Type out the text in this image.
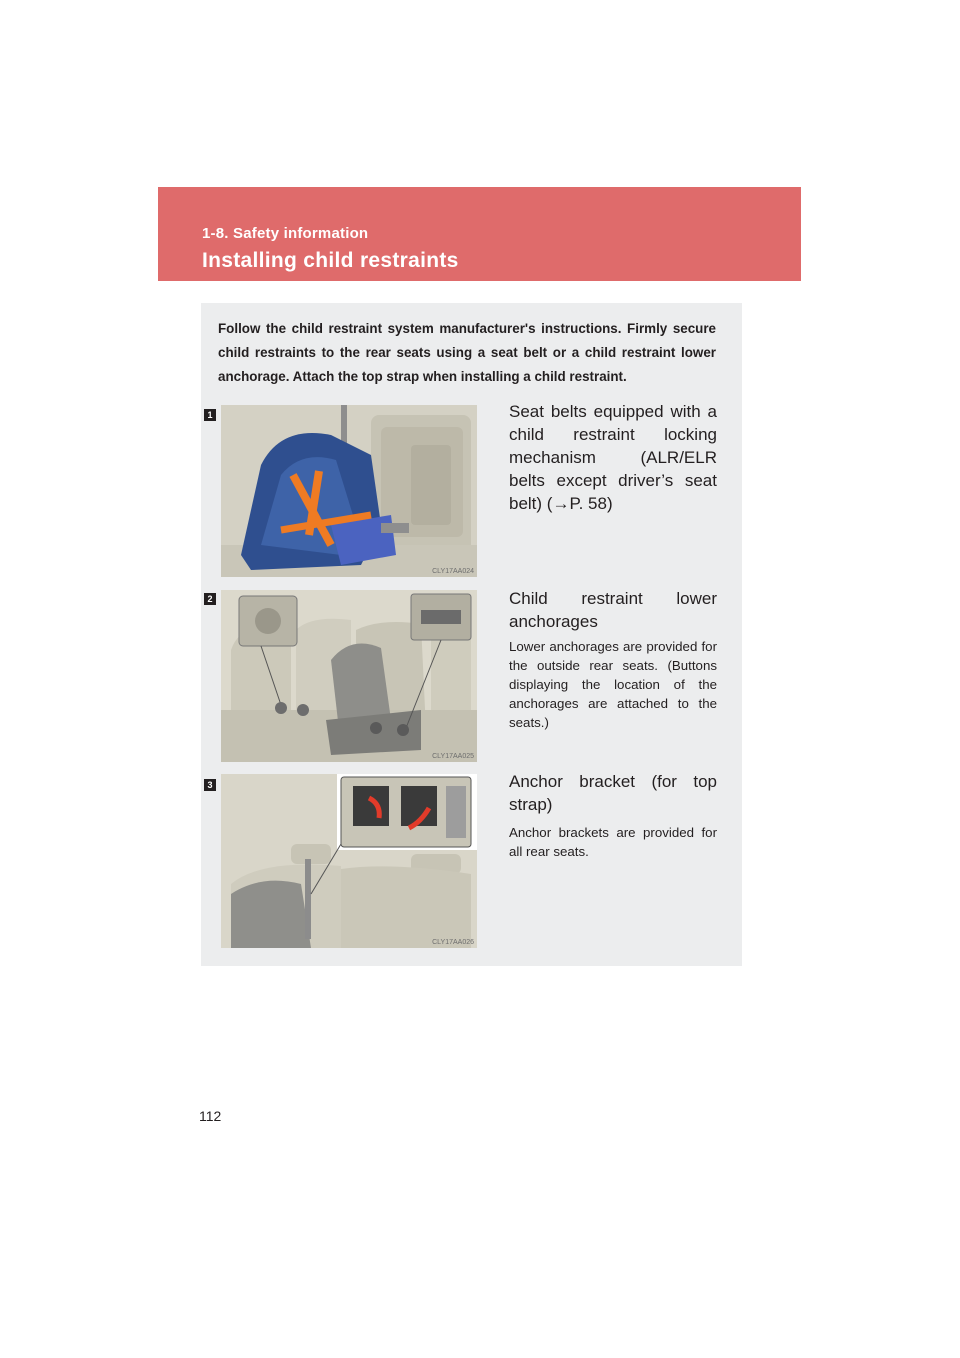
1-8. Safety information
Installing child restraints
Follow the child restraint system manufacturer's instructions. Firmly secure child restraints to the rear seats using a seat belt or a child restraint lower anchorage. Attach the top strap when installing a child restraint.
1
CLY17AA024
Seat belts equipped with a child restraint locking mechanism (ALR/ELR belts except driver’s seat belt) (→P. 58)
2
CLY17AA025
Child restraint lower anchorages
Lower anchorages are provided for the outside rear seats. (Buttons displaying the location of the anchorages are attached to the seats.)
3
CLY17AA026
Anchor bracket (for top strap)
Anchor brackets are provided for all rear seats.
112
